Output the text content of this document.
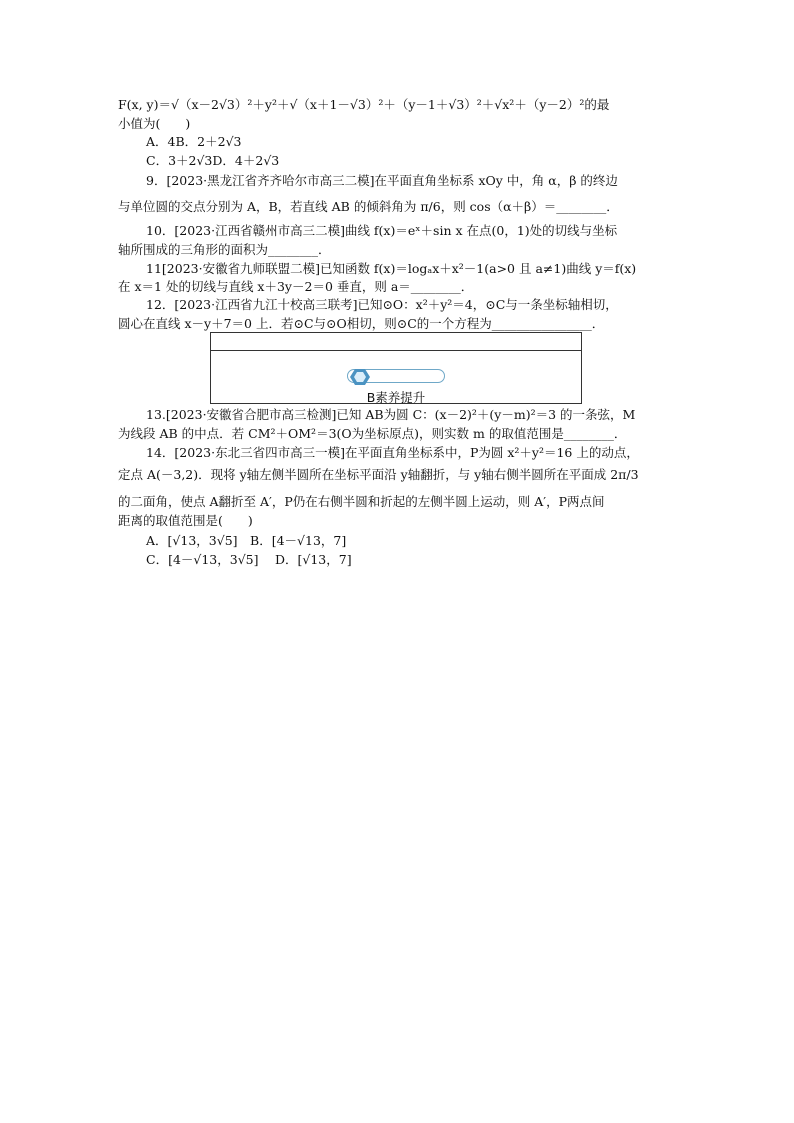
F(x, y)＝√（x－2√3）²＋y²＋√（x＋1－√3）²＋（y－1＋√3）²＋√x²＋（y－2）²的最
小值为(　　)
A．4B．2＋2√3
C．3＋2√3D．4＋2√3
9．[2023·黑龙江省齐齐哈尔市高三二模]在平面直角坐标系 xOy 中，角 α，β 的终边
与单位圆的交点分别为 A，B，若直线 AB 的倾斜角为 π/6，则 cos（α＋β）＝________．
10．[2023·江西省赣州市高三二模]曲线 f(x)＝eˣ＋sin x 在点(0，1)处的切线与坐标
轴所围成的三角形的面积为________．
11[2023·安徽省九师联盟二模]已知函数 f(x)＝logₐx＋x²－1(a>0 且 a≠1)曲线 y＝f(x)
在 x＝1 处的切线与直线 x＋3y－2＝0 垂直，则 a＝________．
12．[2023·江西省九江十校高三联考]已知⊙O：x²＋y²＝4，⊙C与一条坐标轴相切，
圆心在直线 x－y＋7＝0 上．若⊙C与⊙O相切，则⊙C的一个方程为________________．
B素养提升
13.[2023·安徽省合肥市高三检测]已知 AB为圆 C：(x－2)²＋(y－m)²＝3 的一条弦，M
为线段 AB 的中点．若 CM²＋OM²＝3(O为坐标原点)，则实数 m 的取值范围是________．
14．[2023·东北三省四市高三一模]在平面直角坐标系中，P为圆 x²＋y²＝16 上的动点，
定点 A(－3,2)．现将 y轴左侧半圆所在坐标平面沿 y轴翻折，与 y轴右侧半圆所在平面成 2π/3
的二面角，使点 A翻折至 A′，P仍在右侧半圆和折起的左侧半圆上运动，则 A′，P两点间
距离的取值范围是(　　)
A．[√13，3√5]　B．[4－√13，7]
C．[4－√13，3√5]　 D．[√13，7]
